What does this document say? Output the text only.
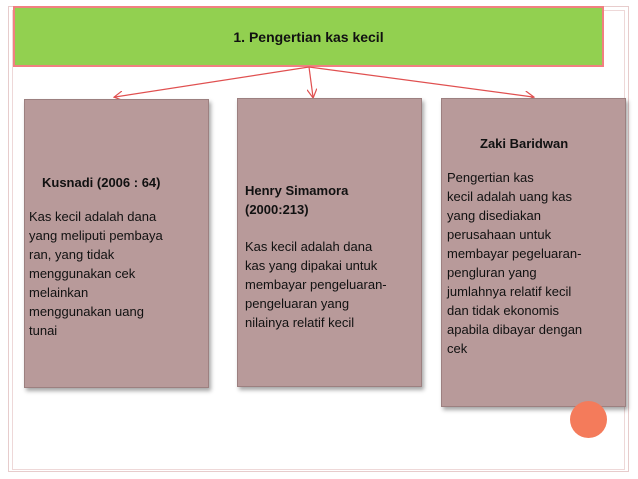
1. Pengertian kas kecil
Kusnadi (2006 : 64)
Kas kecil adalah dana
yang meliputi pembaya
ran, yang tidak
menggunakan cek
melainkan
menggunakan uang
tunai
Henry Simamora
(2000:213)
Kas kecil adalah dana
kas yang dipakai untuk
membayar pengeluaran-
pengeluaran yang
nilainya relatif kecil
Zaki Baridwan
Pengertian kas
kecil adalah uang kas
yang disediakan
perusahaan untuk
membayar pegeluaran-
pengluran yang
jumlahnya relatif kecil
dan tidak ekonomis
apabila dibayar dengan
cek
